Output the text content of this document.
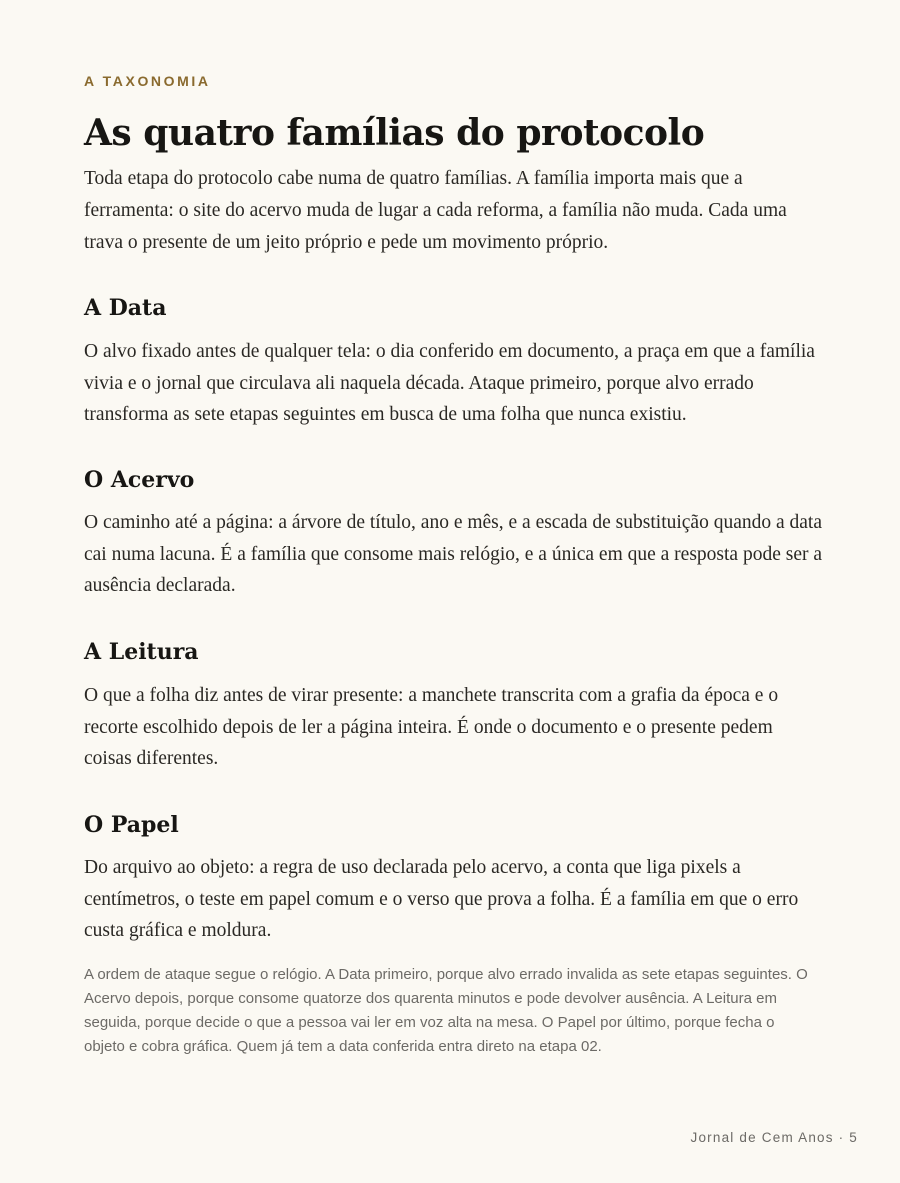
A TAXONOMIA

As quatro famílias do protocolo

Toda etapa do protocolo cabe numa de quatro famílias. A família importa mais que a ferramenta: o site do acervo muda de lugar a cada reforma, a família não muda. Cada uma trava o presente de um jeito próprio e pede um movimento próprio.

A Data

O alvo fixado antes de qualquer tela: o dia conferido em documento, a praça em que a família vivia e o jornal que circulava ali naquela década. Ataque primeiro, porque alvo errado transforma as sete etapas seguintes em busca de uma folha que nunca existiu.

O Acervo

O caminho até a página: a árvore de título, ano e mês, e a escada de substituição quando a data cai numa lacuna. É a família que consome mais relógio, e a única em que a resposta pode ser a ausência declarada.

A Leitura

O que a folha diz antes de virar presente: a manchete transcrita com a grafia da época e o recorte escolhido depois de ler a página inteira. É onde o documento e o presente pedem coisas diferentes.

O Papel

Do arquivo ao objeto: a regra de uso declarada pelo acervo, a conta que liga pixels a centímetros, o teste em papel comum e o verso que prova a folha. É a família em que o erro custa gráfica e moldura.

A ordem de ataque segue o relógio. A Data primeiro, porque alvo errado invalida as sete etapas seguintes. O Acervo depois, porque consome quatorze dos quarenta minutos e pode devolver ausência. A Leitura em seguida, porque decide o que a pessoa vai ler em voz alta na mesa. O Papel por último, porque fecha o objeto e cobra gráfica. Quem já tem a data conferida entra direto na etapa 02.

Jornal de Cem Anos · 5
